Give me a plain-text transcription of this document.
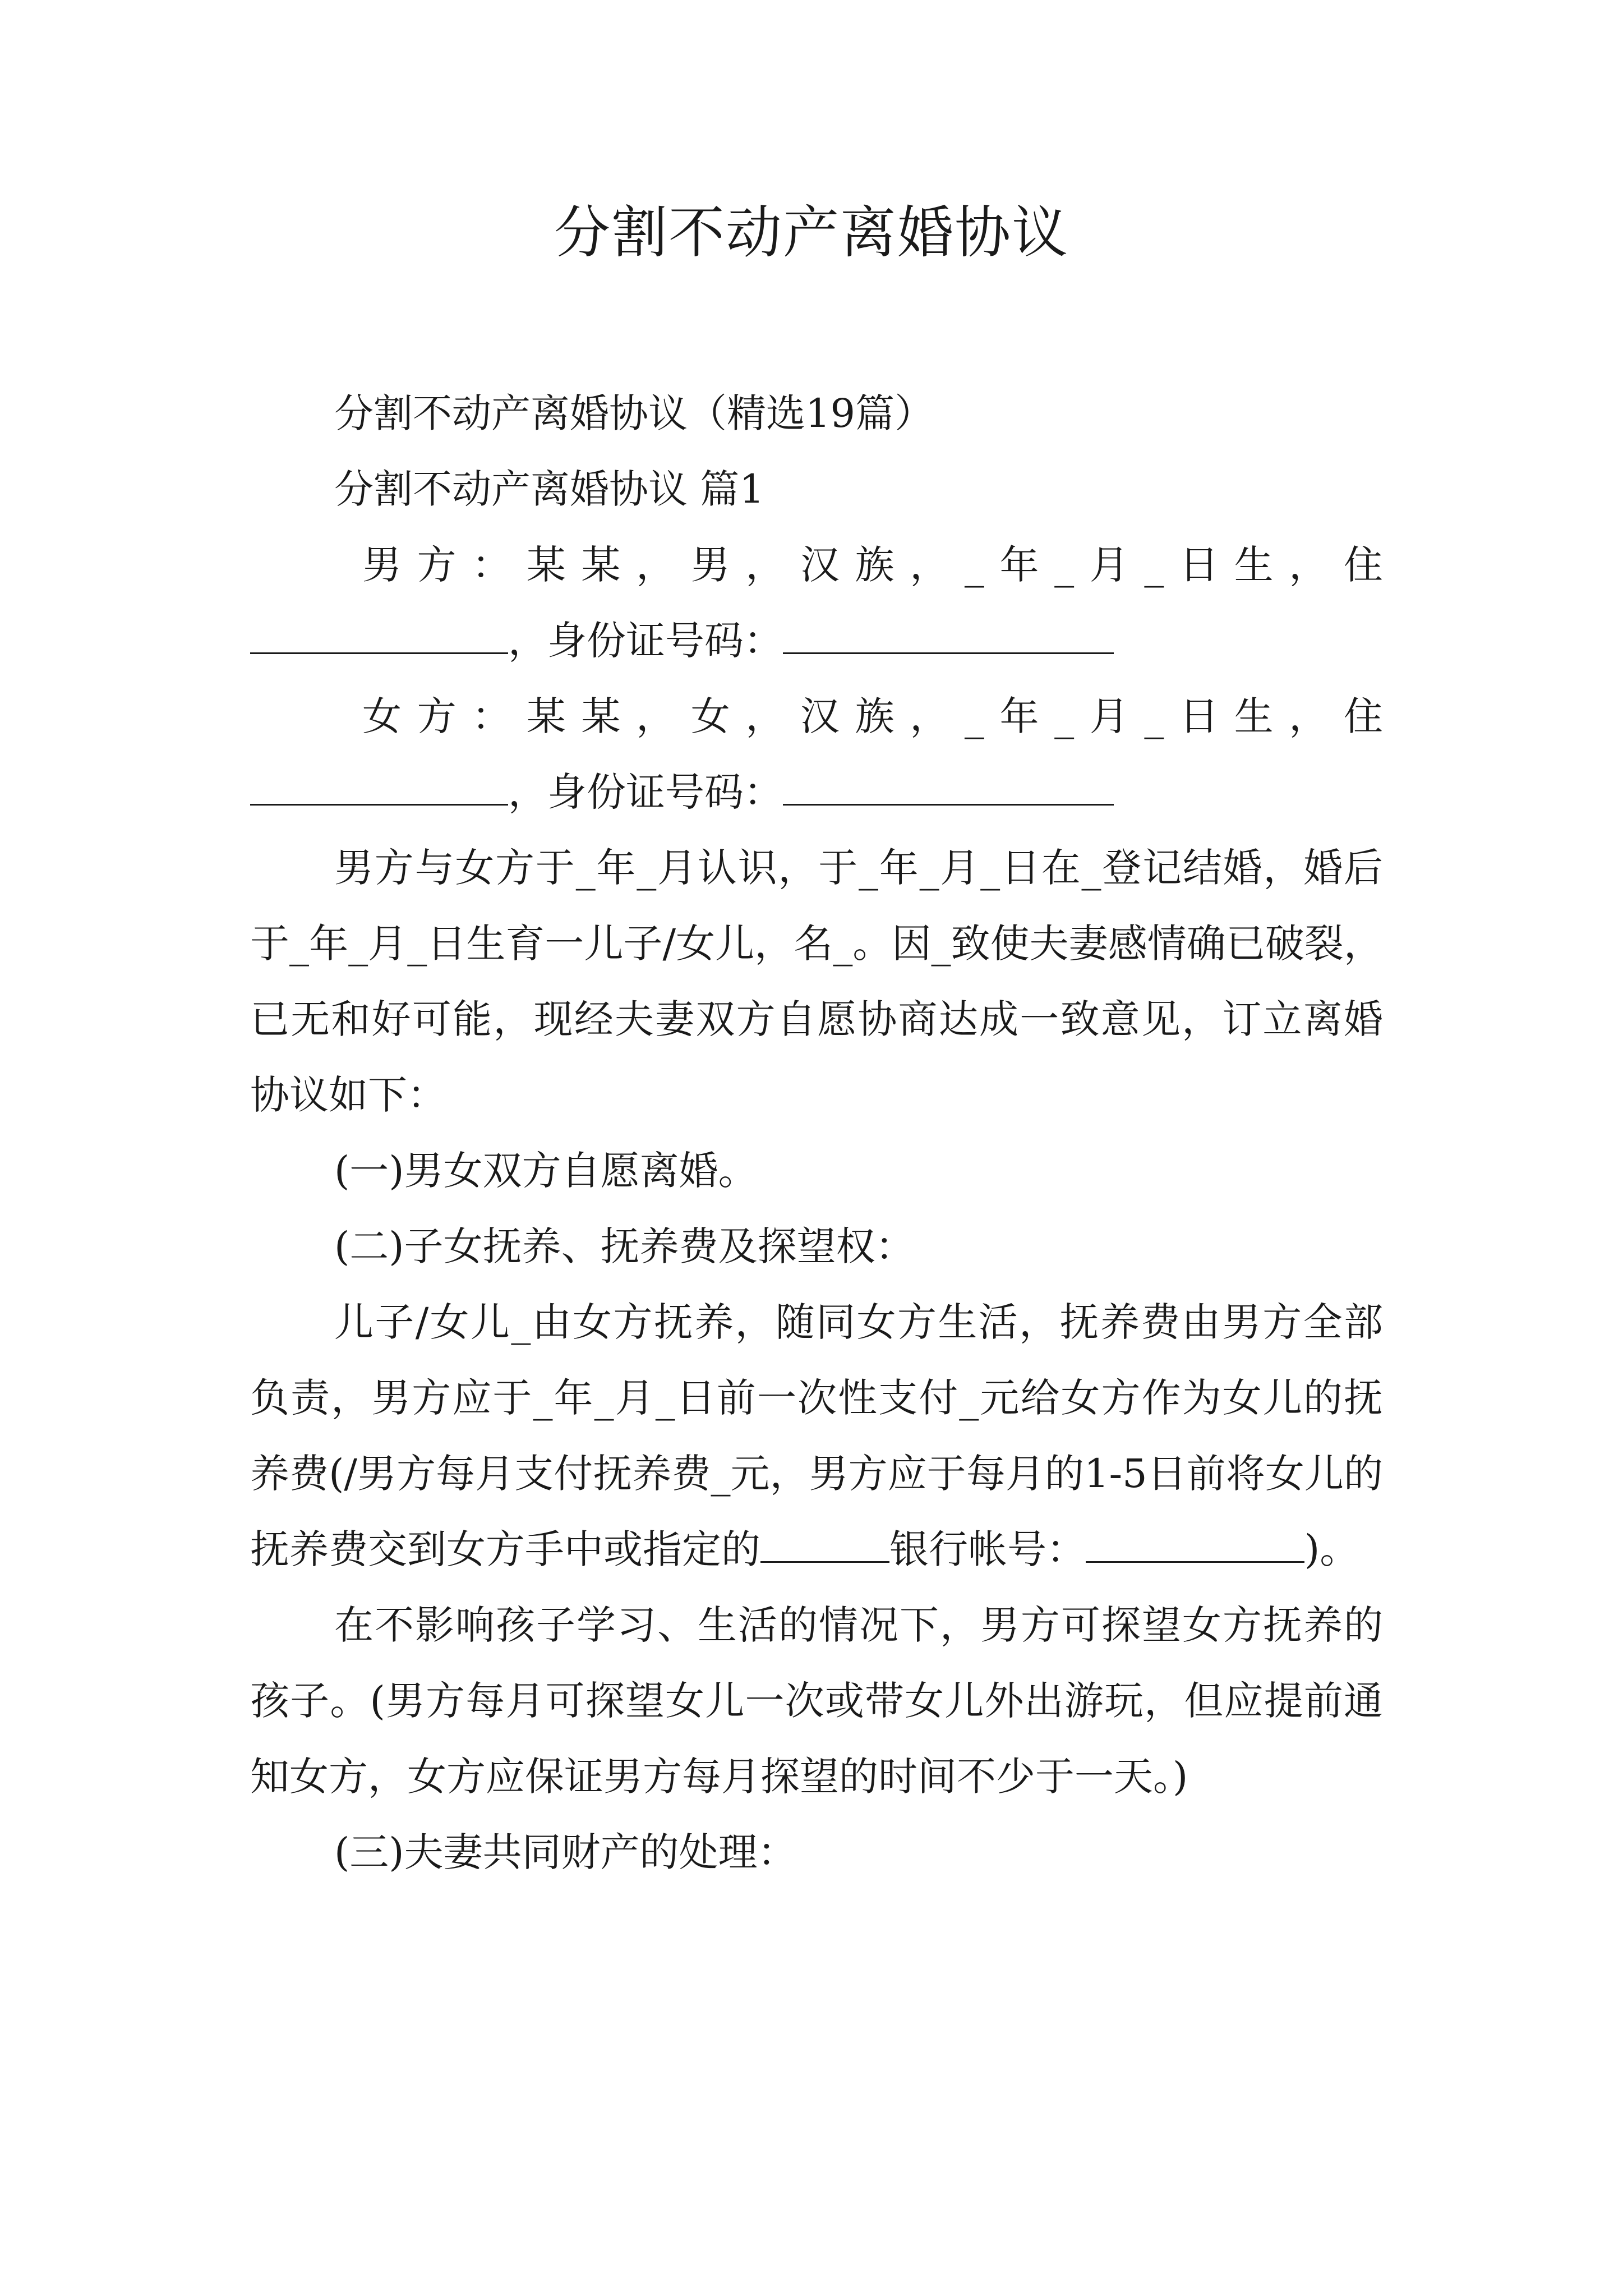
分割不动产离婚协议

分割不动产离婚协议（精选19篇）

分割不动产离婚协议 篇1

男 方 ： 某 某 ， 男 ， 汉 族 ， _ 年 _ 月 _ 日 生 ， 住
，身份证号码：
女 方 ： 某 某 ， 女 ， 汉 族 ， _ 年 _ 月 _ 日 生 ， 住
，身份证号码：

男方与女方于_年_月认识，于_年_月_日在_登记结婚，婚后于_年_月_日生育一儿子/女儿，名_。因_致使夫妻感情确已破裂，已无和好可能，现经夫妻双方自愿协商达成一致意见，订立离婚协议如下：

(一)男女双方自愿离婚。

(二)子女抚养、抚养费及探望权：

儿子/女儿_由女方抚养，随同女方生活，抚养费由男方全部负责，男方应于_年_月_日前一次性支付_元给女方作为女儿的抚养费(/男方每月支付抚养费_元，男方应于每月的1-5日前将女儿的抚养费交到女方手中或指定的	银行帐号：	)。

在不影响孩子学习、生活的情况下，男方可探望女方抚养的孩子。(男方每月可探望女儿一次或带女儿外出游玩，但应提前通知女方，女方应保证男方每月探望的时间不少于一天。)

(三)夫妻共同财产的处理：
